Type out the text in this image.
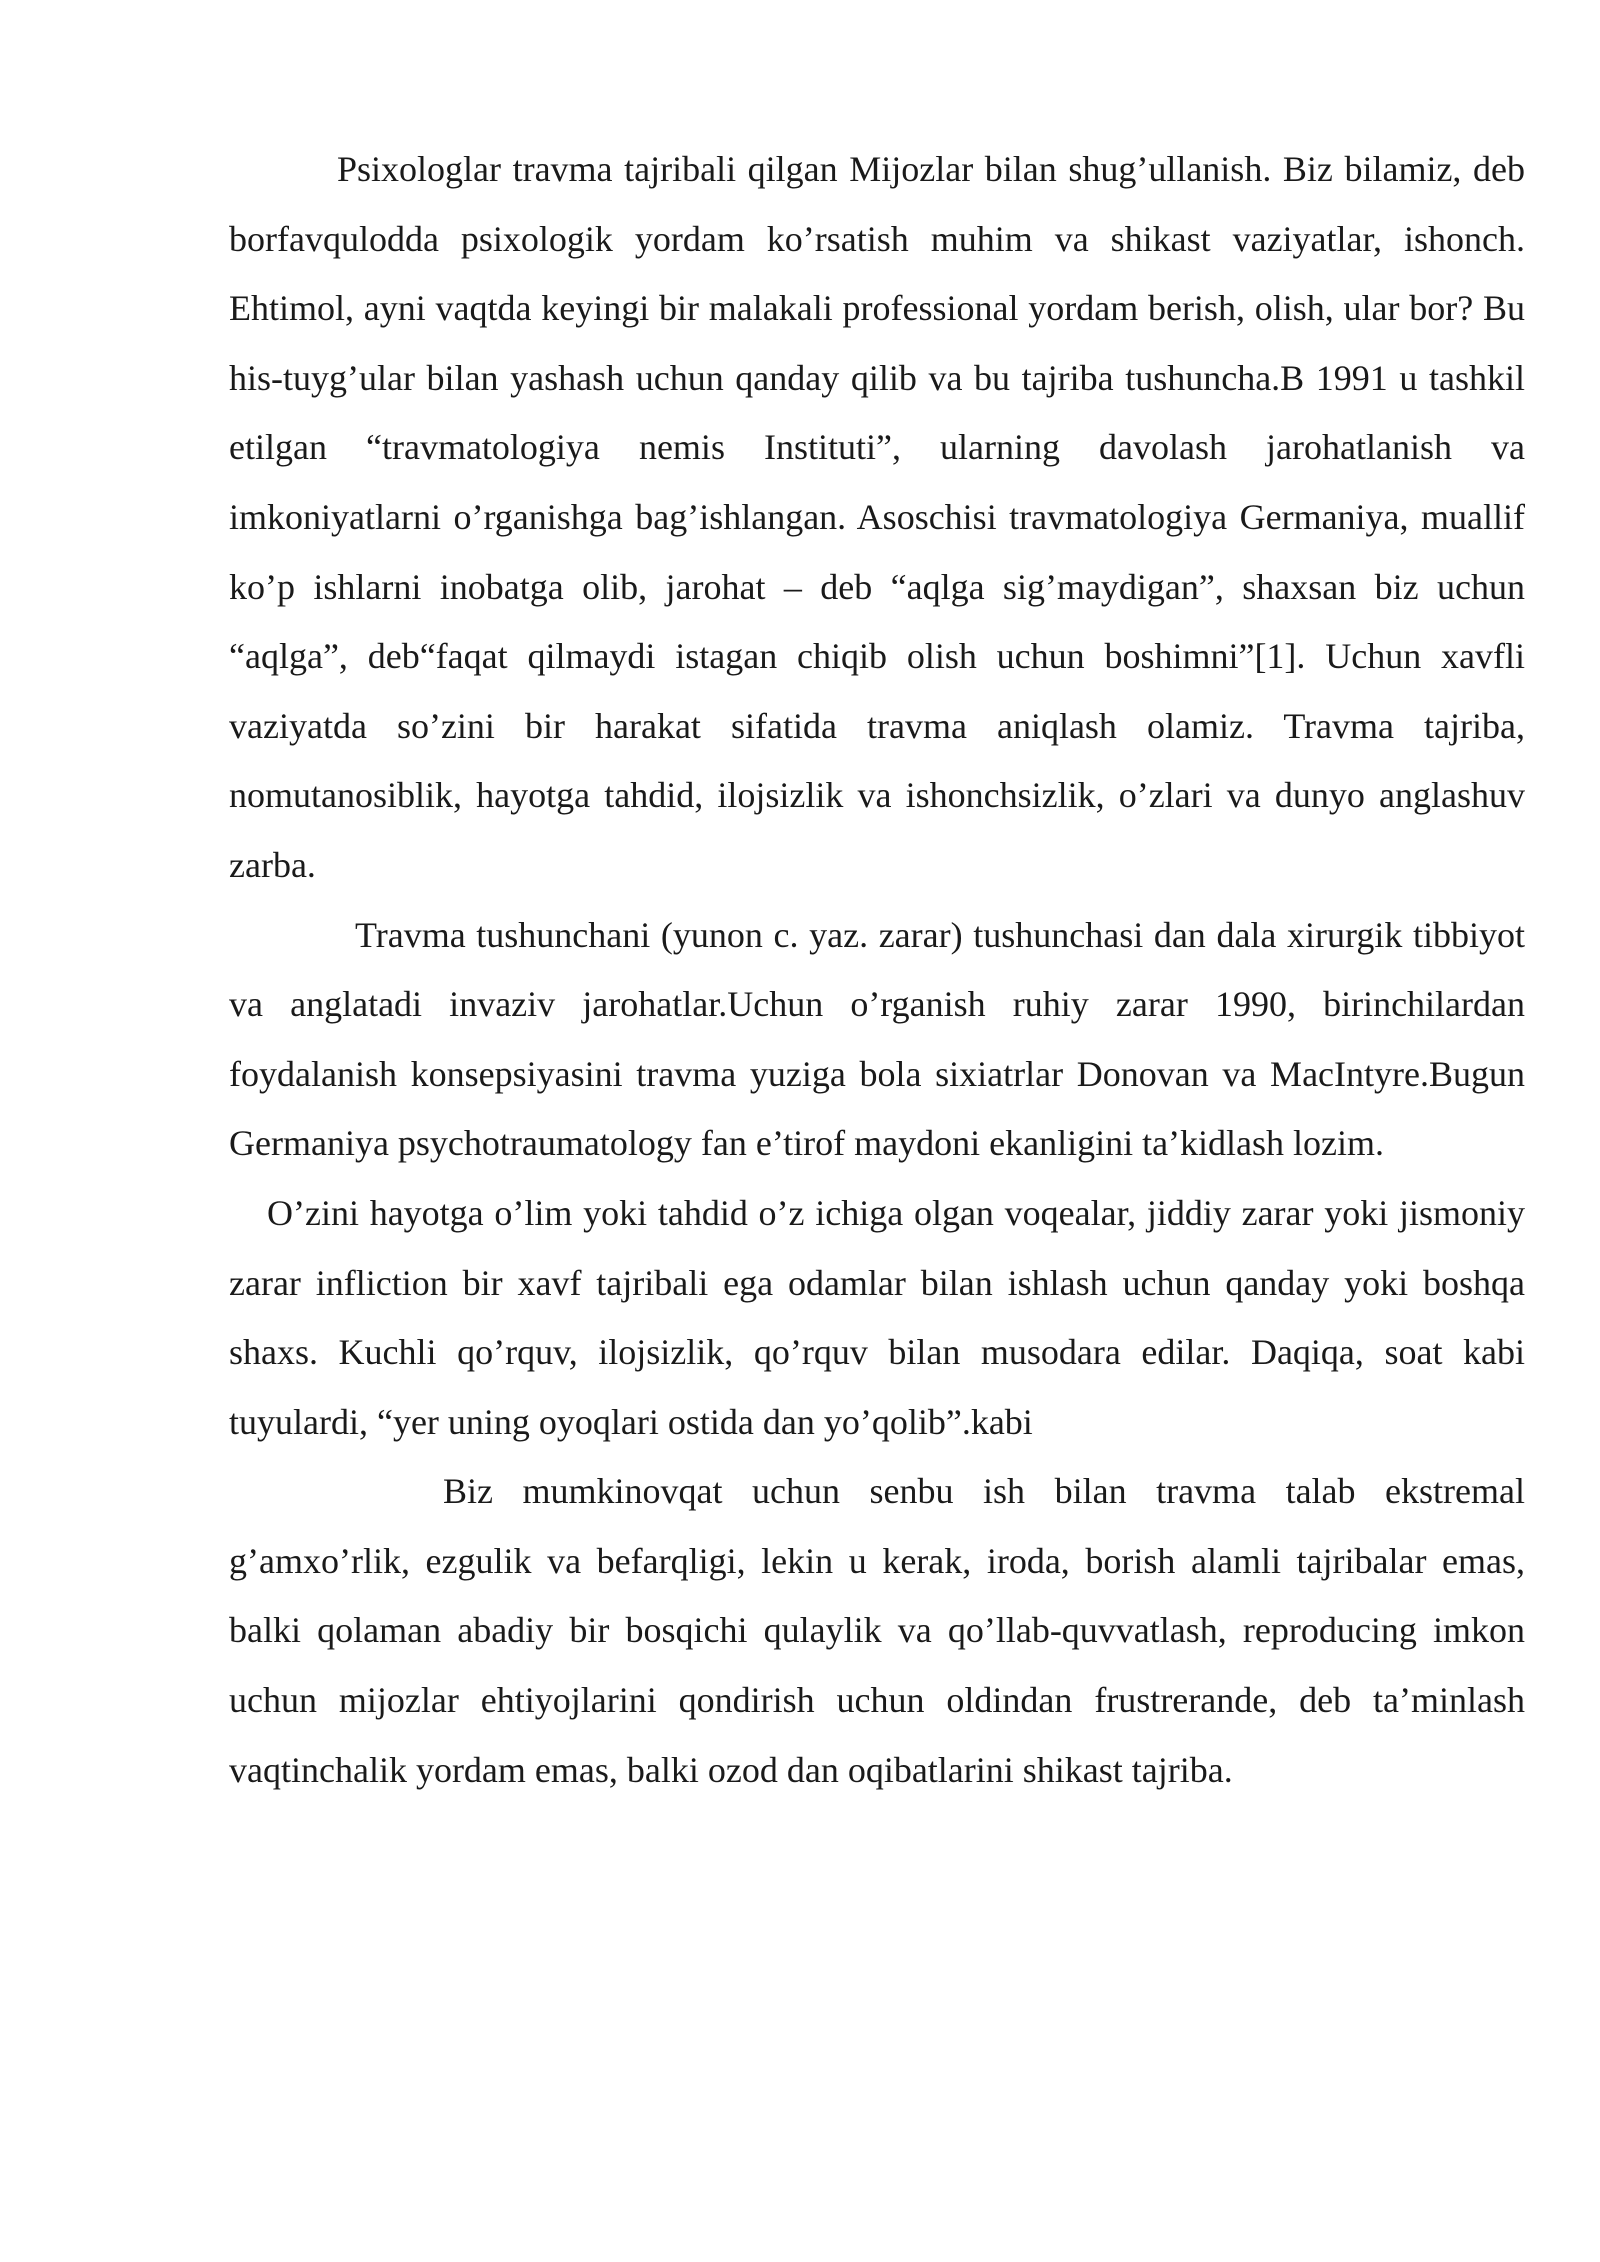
Psixologlar travma tajribali qilgan Mijozlar bilan shug’ullanish. Biz bilamiz, deb borfavqulodda psixologik yordam ko’rsatish muhim va shikast vaziyatlar, ishonch. Ehtimol, ayni vaqtda keyingi bir malakali professional yordam berish, olish, ular bor? Bu his-tuyg’ular bilan yashash uchun qanday qilib va bu tajriba tushuncha.B 1991 u tashkil etilgan “travmatologiya nemis Instituti”, ularning davolash jarohatlanish va imkoniyatlarni o’rganishga bag’ishlangan. Asoschisi travmatologiya Germaniya, muallif ko’p ishlarni inobatga olib, jarohat – deb “aqlga sig’maydigan”, shaxsan biz uchun “aqlga”, deb“faqat qilmaydi istagan chiqib olish uchun boshimni”[1]. Uchun xavfli vaziyatda so’zini bir harakat sifatida travma aniqlash olamiz. Travma tajriba, nomutanosiblik, hayotga tahdid, ilojsizlik va ishonchsizlik, o’zlari va dunyo anglashuv zarba.

Travma tushunchani (yunon c. yaz. zarar) tushunchasi dan dala xirurgik tibbiyot va anglatadi invaziv jarohatlar.Uchun o’rganish ruhiy zarar 1990, birinchilardan foydalanish konsepsiyasini travma yuziga bola sixiatrlar Donovan va MacIntyre.Bugun Germaniya psychotraumatology fan e’tirof maydoni ekanligini ta’kidlash lozim.

O’zini hayotga o’lim yoki tahdid o’z ichiga olgan voqealar, jiddiy zarar yoki jismoniy zarar infliction bir xavf tajribali ega odamlar bilan ishlash uchun qanday yoki boshqa shaxs. Kuchli qo’rquv, ilojsizlik, qo’rquv bilan musodara edilar. Daqiqa, soat kabi tuyulardi, “yer uning oyoqlari ostida dan yo’qolib”.kabi

Biz mumkinovqat uchun senbu ish bilan travma talab ekstremal g’amxo’rlik, ezgulik va befarqligi, lekin u kerak, iroda, borish alamli tajribalar emas, balki qolaman abadiy bir bosqichi qulaylik va qo’llab-quvvatlash, reproducing imkon uchun mijozlar ehtiyojlarini qondirish uchun oldindan frustrerande, deb ta’minlash vaqtinchalik yordam emas, balki ozod dan oqibatlarini shikast tajriba.
